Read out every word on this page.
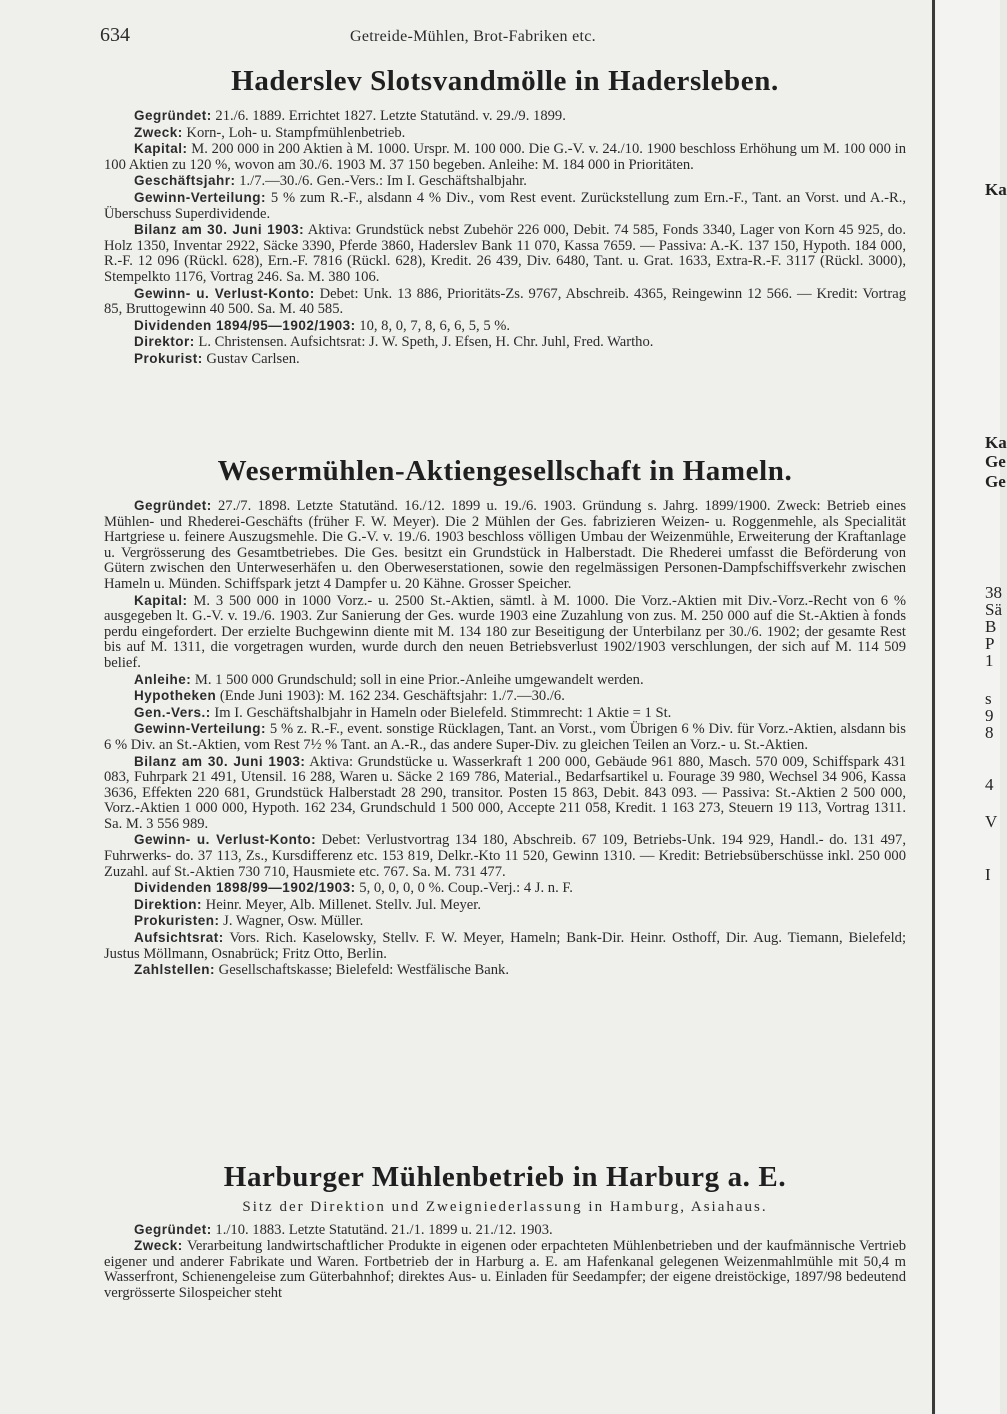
634	Getreide-Mühlen, Brot-Fabriken etc.
Haderslev Slotsvandmölle in Hadersleben.

Gegründet: 21./6. 1889. Errichtet 1827. Letzte Statutänd. v. 29./9. 1899.

Zweck: Korn-, Loh- u. Stampfmühlenbetrieb.

Kapital: M. 200 000 in 200 Aktien à M. 1000. Urspr. M. 100 000. Die G.-V. v. 24./10. 1900 beschloss Erhöhung um M. 100 000 in 100 Aktien zu 120 %, wovon am 30./6. 1903 M. 37 150 begeben. Anleihe: M. 184 000 in Prioritäten.

Geschäftsjahr: 1./7.—30./6. Gen.-Vers.: Im I. Geschäftshalbjahr.

Gewinn-Verteilung: 5 % zum R.-F., alsdann 4 % Div., vom Rest event. Zurückstellung zum Ern.-F., Tant. an Vorst. und A.-R., Überschuss Superdividende.

Bilanz am 30. Juni 1903: Aktiva: Grundstück nebst Zubehör 226 000, Debit. 74 585, Fonds 3340, Lager von Korn 45 925, do. Holz 1350, Inventar 2922, Säcke 3390, Pferde 3860, Haderslev Bank 11 070, Kassa 7659. — Passiva: A.-K. 137 150, Hypoth. 184 000, R.-F. 12 096 (Rückl. 628), Ern.-F. 7816 (Rückl. 628), Kredit. 26 439, Div. 6480, Tant. u. Grat. 1633, Extra-R.-F. 3117 (Rückl. 3000), Stempelkto 1176, Vortrag 246. Sa. M. 380 106.

Gewinn- u. Verlust-Konto: Debet: Unk. 13 886, Prioritäts-Zs. 9767, Abschreib. 4365, Reingewinn 12 566. — Kredit: Vortrag 85, Bruttogewinn 40 500. Sa. M. 40 585.

Dividenden 1894/95—1902/1903: 10, 8, 0, 7, 8, 6, 6, 5, 5 %.

Direktor: L. Christensen. Aufsichtsrat: J. W. Speth, J. Efsen, H. Chr. Juhl, Fred. Wartho.

Prokurist: Gustav Carlsen.

Wesermühlen-Aktiengesellschaft in Hameln.

Gegründet: 27./7. 1898. Letzte Statutänd. 16./12. 1899 u. 19./6. 1903. Gründung s. Jahrg. 1899/1900. Zweck: Betrieb eines Mühlen- und Rhederei-Geschäfts (früher F. W. Meyer). Die 2 Mühlen der Ges. fabrizieren Weizen- u. Roggenmehle, als Specialität Hartgriese u. feinere Auszugsmehle. Die G.-V. v. 19./6. 1903 beschloss völligen Umbau der Weizenmühle, Erweiterung der Kraftanlage u. Vergrösserung des Gesamtbetriebes. Die Ges. besitzt ein Grundstück in Halberstadt. Die Rhederei umfasst die Beförderung von Gütern zwischen den Unterweserhäfen u. den Oberweserstationen, sowie den regelmässigen Personen-Dampfschiffsverkehr zwischen Hameln u. Münden. Schiffspark jetzt 4 Dampfer u. 20 Kähne. Grosser Speicher.

Kapital: M. 3 500 000 in 1000 Vorz.- u. 2500 St.-Aktien, sämtl. à M. 1000. Die Vorz.-Aktien mit Div.-Vorz.-Recht von 6 % ausgegeben lt. G.-V. v. 19./6. 1903. Zur Sanierung der Ges. wurde 1903 eine Zuzahlung von zus. M. 250 000 auf die St.-Aktien à fonds perdu eingefordert. Der erzielte Buchgewinn diente mit M. 134 180 zur Beseitigung der Unterbilanz per 30./6. 1902; der gesamte Rest bis auf M. 1311, die vorgetragen wurden, wurde durch den neuen Betriebsverlust 1902/1903 verschlungen, der sich auf M. 114 509 belief.

Anleihe: M. 1 500 000 Grundschuld; soll in eine Prior.-Anleihe umgewandelt werden.

Hypotheken (Ende Juni 1903): M. 162 234. Geschäftsjahr: 1./7.—30./6.

Gen.-Vers.: Im I. Geschäftshalbjahr in Hameln oder Bielefeld. Stimmrecht: 1 Aktie = 1 St.

Gewinn-Verteilung: 5 % z. R.-F., event. sonstige Rücklagen, Tant. an Vorst., vom Übrigen 6 % Div. für Vorz.-Aktien, alsdann bis 6 % Div. an St.-Aktien, vom Rest 7½ % Tant. an A.-R., das andere Super-Div. zu gleichen Teilen an Vorz.- u. St.-Aktien.

Bilanz am 30. Juni 1903: Aktiva: Grundstücke u. Wasserkraft 1 200 000, Gebäude 961 880, Masch. 570 009, Schiffspark 431 083, Fuhrpark 21 491, Utensil. 16 288, Waren u. Säcke 2 169 786, Material., Bedarfsartikel u. Fourage 39 980, Wechsel 34 906, Kassa 3636, Effekten 220 681, Grundstück Halberstadt 28 290, transitor. Posten 15 863, Debit. 843 093. — Passiva: St.-Aktien 2 500 000, Vorz.-Aktien 1 000 000, Hypoth. 162 234, Grundschuld 1 500 000, Accepte 211 058, Kredit. 1 163 273, Steuern 19 113, Vortrag 1311. Sa. M. 3 556 989.

Gewinn- u. Verlust-Konto: Debet: Verlustvortrag 134 180, Abschreib. 67 109, Betriebs-Unk. 194 929, Handl.- do. 131 497, Fuhrwerks- do. 37 113, Zs., Kursdifferenz etc. 153 819, Delkr.-Kto 11 520, Gewinn 1310. — Kredit: Betriebsüberschüsse inkl. 250 000 Zuzahl. auf St.-Aktien 730 710, Hausmiete etc. 767. Sa. M. 731 477.

Dividenden 1898/99—1902/1903: 5, 0, 0, 0, 0 %. Coup.-Verj.: 4 J. n. F.

Direktion: Heinr. Meyer, Alb. Millenet. Stellv. Jul. Meyer.

Prokuristen: J. Wagner, Osw. Müller.

Aufsichtsrat: Vors. Rich. Kaselowsky, Stellv. F. W. Meyer, Hameln; Bank-Dir. Heinr. Osthoff, Dir. Aug. Tiemann, Bielefeld; Justus Möllmann, Osnabrück; Fritz Otto, Berlin.

Zahlstellen: Gesellschaftskasse; Bielefeld: Westfälische Bank.

Harburger Mühlenbetrieb in Harburg a. E.

Sitz der Direktion und Zweigniederlassung in Hamburg, Asiahaus.

Gegründet: 1./10. 1883. Letzte Statutänd. 21./1. 1899 u. 21./12. 1903.

Zweck: Verarbeitung landwirtschaftlicher Produkte in eigenen oder erpachteten Mühlenbetrieben und der kaufmännische Vertrieb eigener und anderer Fabrikate und Waren. Fortbetrieb der in Harburg a. E. am Hafenkanal gelegenen Weizenmahlmühle mit 50,4 m Wasserfront, Schienengeleise zum Güterbahnhof; direktes Aus- u. Einladen für Seedampfer; der eigene dreistöckige, 1897/98 bedeutend vergrösserte Silospeicher steht

Ka
Ka
Ge
Ge
38
Sä
B
P
1
s
9
8
4
V
I
